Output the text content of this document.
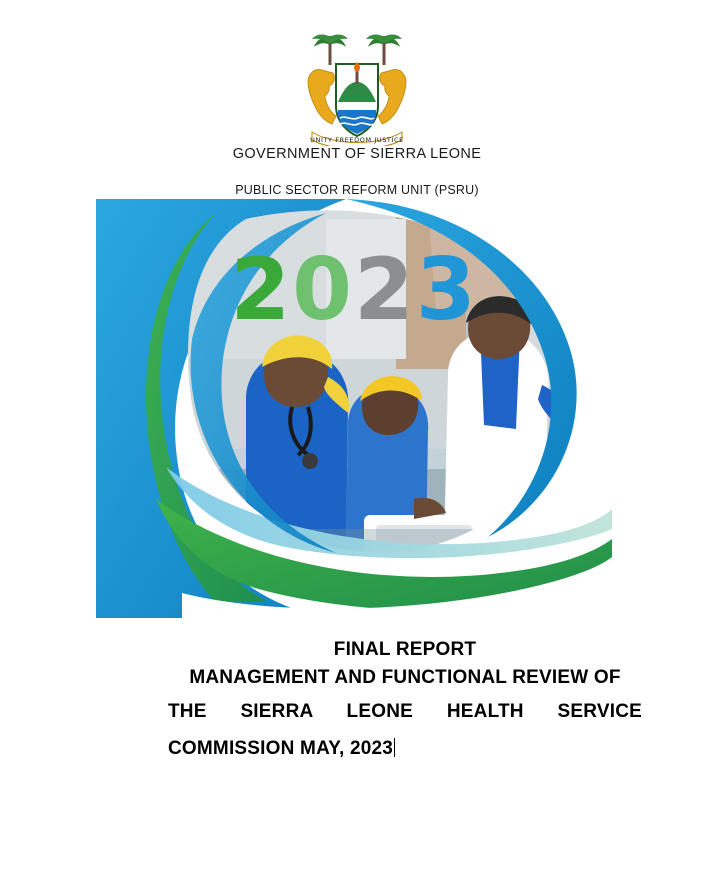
UNITY FREEDOM JUSTICE
GOVERNMENT OF SIERRA LEONE
PUBLIC SECTOR REFORM UNIT (PSRU)
2023
FINAL REPORT
MANAGEMENT AND FUNCTIONAL REVIEW OF
THE SIERRA LEONE HEALTH SERVICE
COMMISSION MAY, 2023
